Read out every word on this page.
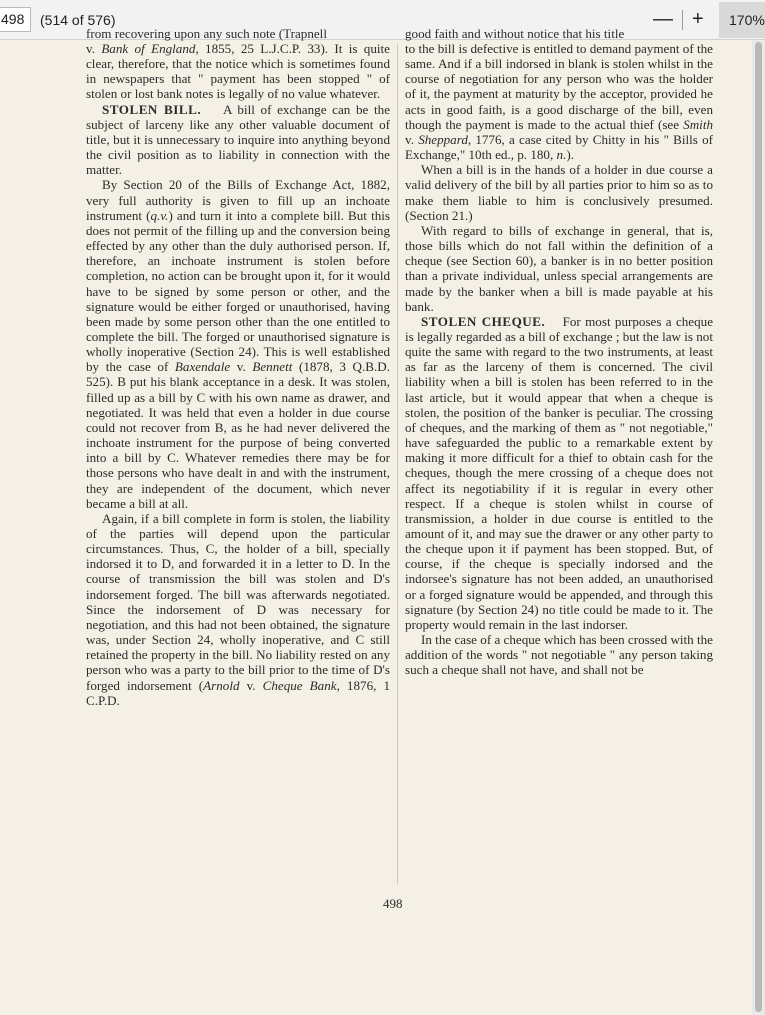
498	(514 of 576)	— +	170%

from recovering upon any such note (Trapnell

v. Bank of England, 1855, 25 L.J.C.P. 33). It is quite clear, therefore, that the notice which is sometimes found in newspapers that " payment has been stopped " of stolen or lost bank notes is legally of no value whatever.

STOLEN BILL. A bill of exchange can be the subject of larceny like any other valuable document of title, but it is unnecessary to inquire into anything beyond the civil position as to liability in connection with the matter.

By Section 20 of the Bills of Exchange Act, 1882, very full authority is given to fill up an inchoate instrument (q.v.) and turn it into a complete bill. But this does not permit of the filling up and the conversion being effected by any other than the duly authorised person. If, therefore, an inchoate instrument is stolen before completion, no action can be brought upon it, for it would have to be signed by some person or other, and the signature would be either forged or unauthorised, having been made by some person other than the one entitled to complete the bill. The forged or unauthorised signature is wholly inoperative (Section 24). This is well established by the case of Baxendale v. Bennett (1878, 3 Q.B.D. 525). B put his blank acceptance in a desk. It was stolen, filled up as a bill by C with his own name as drawer, and negotiated. It was held that even a holder in due course could not recover from B, as he had never delivered the inchoate instrument for the purpose of being converted into a bill by C. Whatever remedies there may be for those persons who have dealt in and with the instrument, they are independent of the document, which never became a bill at all.

Again, if a bill complete in form is stolen, the liability of the parties will depend upon the particular circumstances. Thus, C, the holder of a bill, specially indorsed it to D, and forwarded it in a letter to D. In the course of transmission the bill was stolen and D's indorsement forged. The bill was afterwards negotiated. Since the indorsement of D was necessary for negotiation, and this had not been obtained, the signature was, under Section 24, wholly inoperative, and C still retained the property in the bill. No liability rested on any person who was a party to the bill prior to the time of D's forged indorsement (Arnold v. Cheque Bank, 1876, 1 C.P.D.

good faith and without notice that his title

to the bill is defective is entitled to demand payment of the same. And if a bill indorsed in blank is stolen whilst in the course of negotiation for any person who was the holder of it, the payment at maturity by the acceptor, provided he acts in good faith, is a good discharge of the bill, even though the payment is made to the actual thief (see Smith v. Sheppard, 1776, a case cited by Chitty in his " Bills of Exchange," 10th ed., p. 180, n.).

When a bill is in the hands of a holder in due course a valid delivery of the bill by all parties prior to him so as to make them liable to him is conclusively presumed. (Section 21.)

With regard to bills of exchange in general, that is, those bills which do not fall within the definition of a cheque (see Section 60), a banker is in no better position than a private individual, unless special arrangements are made by the banker when a bill is made payable at his bank.

STOLEN CHEQUE. For most purposes a cheque is legally regarded as a bill of exchange ; but the law is not quite the same with regard to the two instruments, at least as far as the larceny of them is concerned. The civil liability when a bill is stolen has been referred to in the last article, but it would appear that when a cheque is stolen, the position of the banker is peculiar. The crossing of cheques, and the marking of them as " not negotiable," have safeguarded the public to a remarkable extent by making it more difficult for a thief to obtain cash for the cheques, though the mere crossing of a cheque does not affect its negotiability if it is regular in every other respect. If a cheque is stolen whilst in course of transmission, a holder in due course is entitled to the amount of it, and may sue the drawer or any other party to the cheque upon it if payment has been stopped. But, of course, if the cheque is specially indorsed and the indorsee's signature has not been added, an unauthorised or a forged signature would be appended, and through this signature (by Section 24) no title could be made to it. The property would remain in the last indorser.

In the case of a cheque which has been crossed with the addition of the words " not negotiable " any person taking such a cheque shall not have, and shall not be

498
